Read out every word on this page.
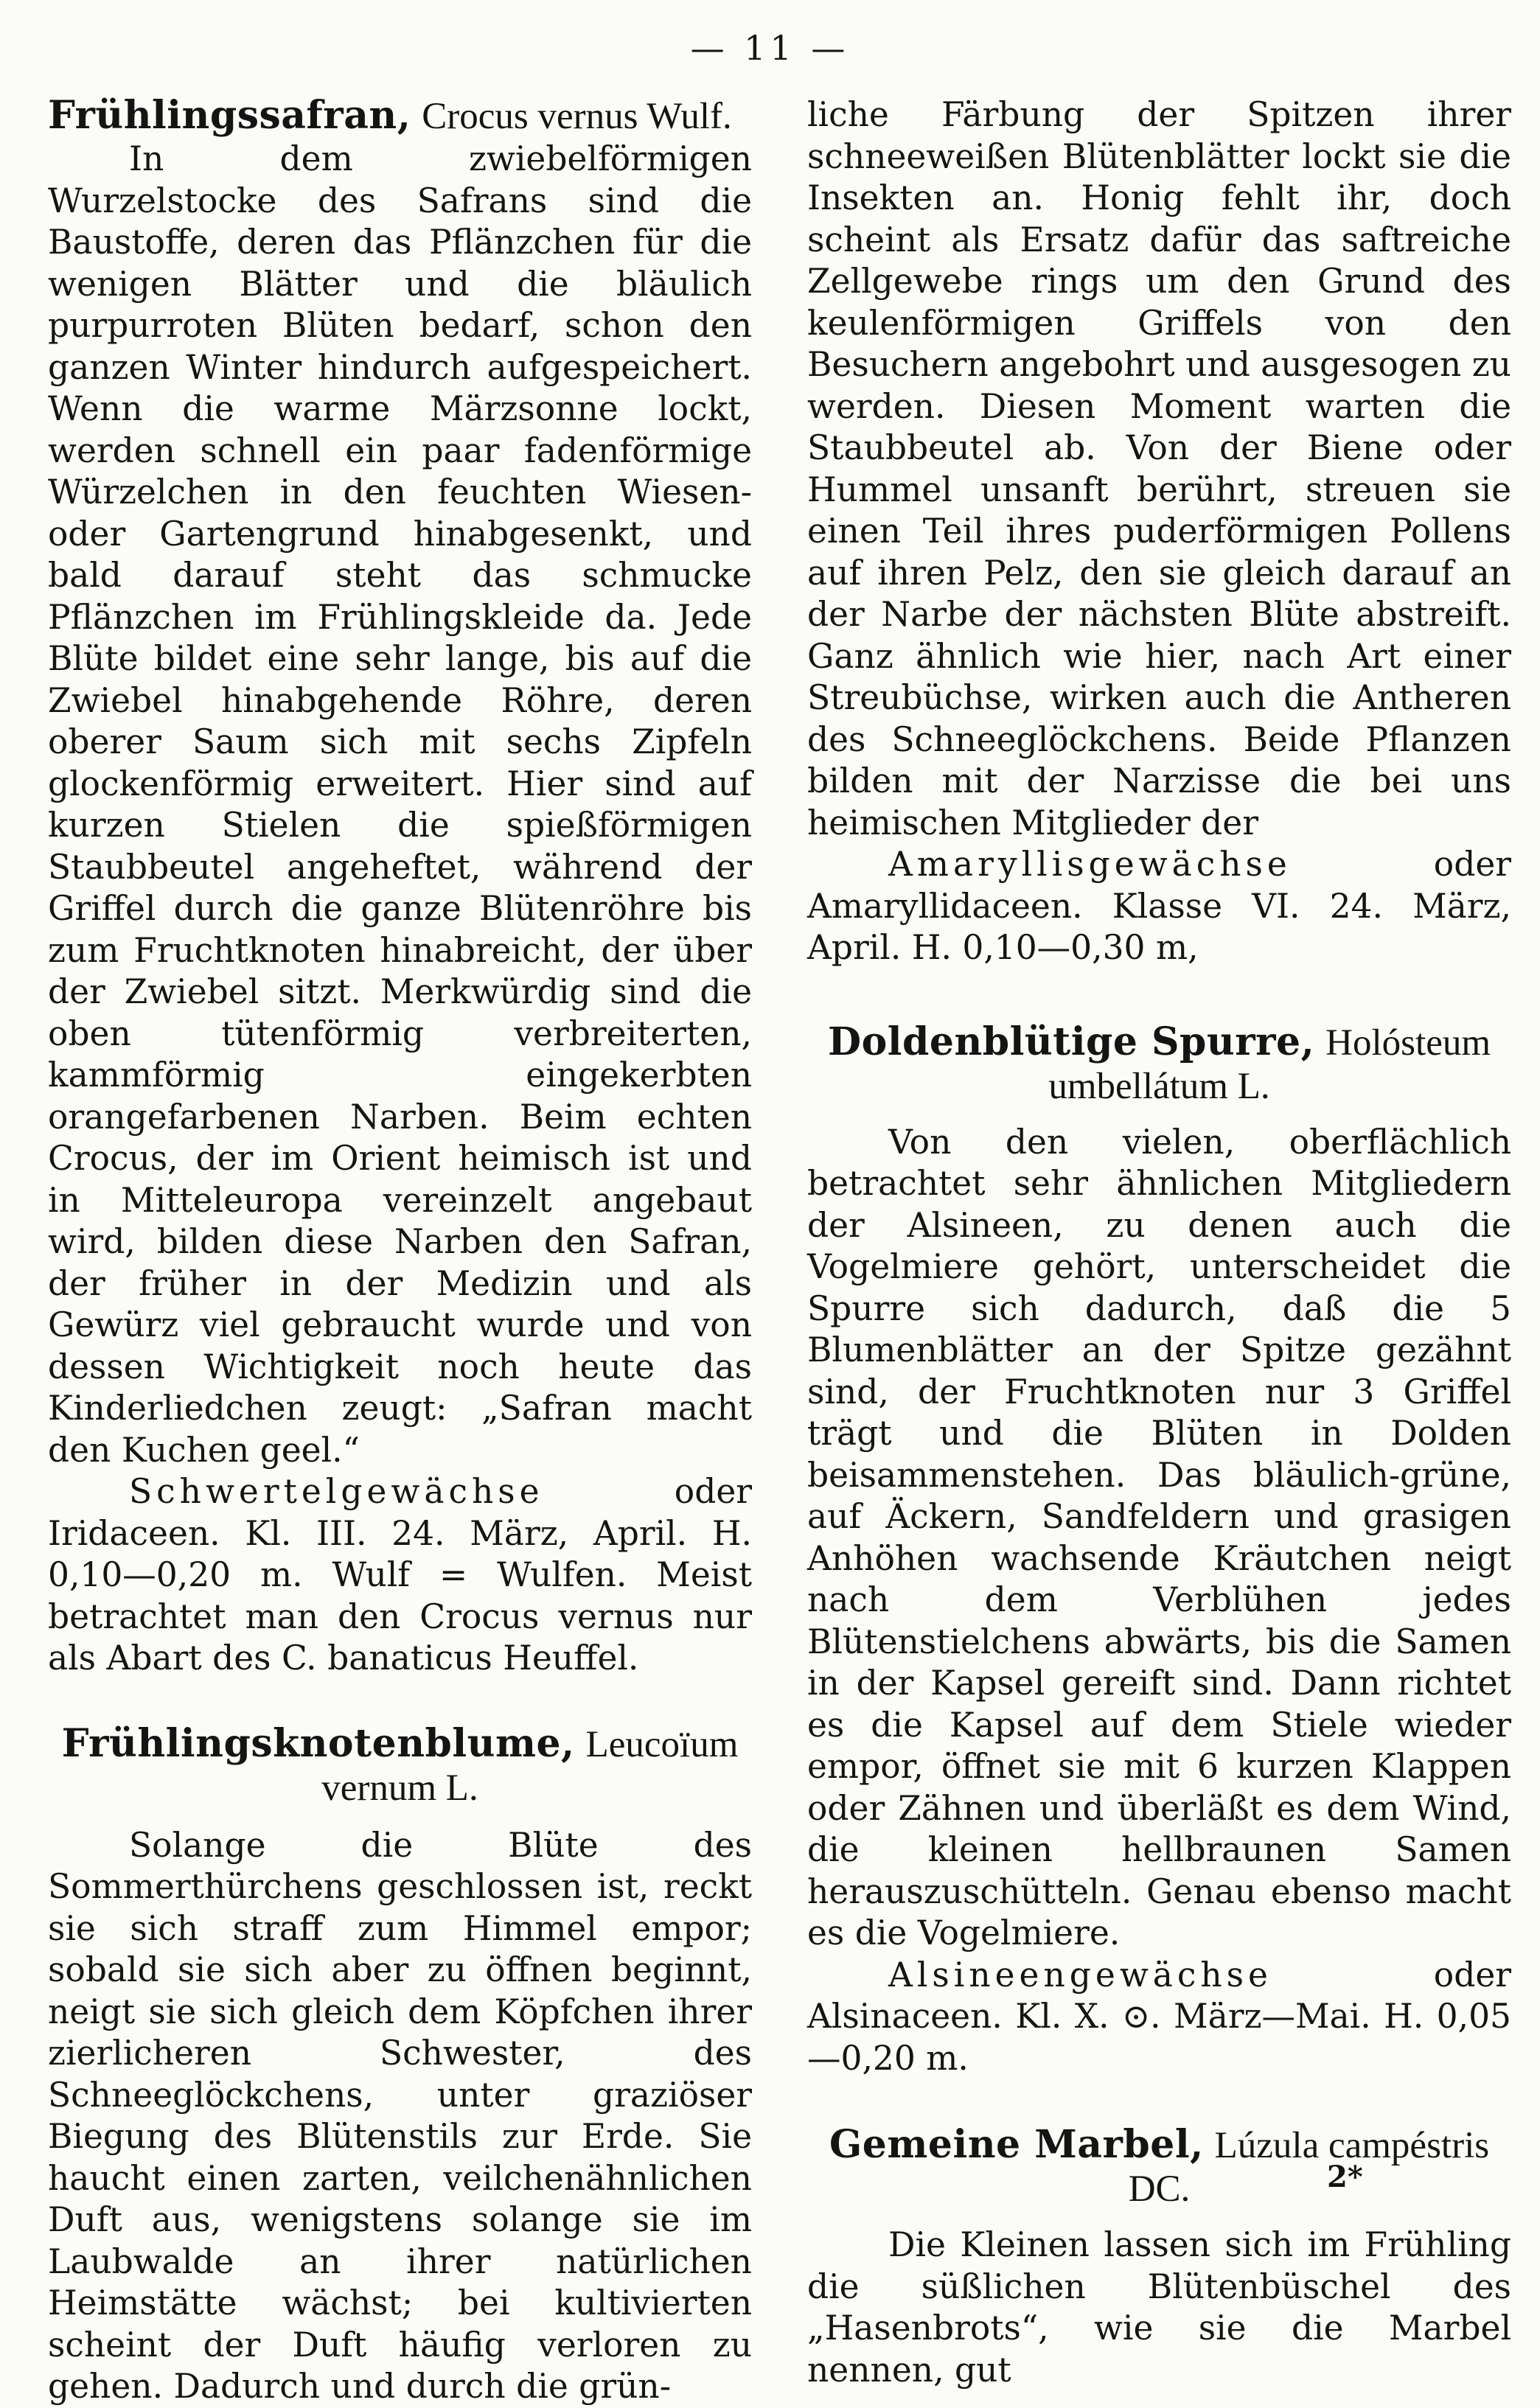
— 11 —

Frühlingssafran, Crocus vernus Wulf.

In dem zwiebelförmigen Wurzelstocke des Safrans sind die Baustoffe, deren das Pflänzchen für die wenigen Blätter und die bläulich purpurroten Blüten bedarf, schon den ganzen Winter hindurch aufgespeichert. Wenn die warme Märzsonne lockt, werden schnell ein paar fadenförmige Würzelchen in den feuchten Wiesen- oder Gartengrund hinabgesenkt, und bald darauf steht das schmucke Pflänzchen im Frühlingskleide da. Jede Blüte bildet eine sehr lange, bis auf die Zwiebel hinabgehende Röhre, deren oberer Saum sich mit sechs Zipfeln glockenförmig erweitert. Hier sind auf kurzen Stielen die spießförmigen Staubbeutel angeheftet, während der Griffel durch die ganze Blütenröhre bis zum Fruchtknoten hinabreicht, der über der Zwiebel sitzt. Merkwürdig sind die oben tütenförmig verbreiterten, kammförmig eingekerbten orangefarbenen Narben. Beim echten Crocus, der im Orient heimisch ist und in Mitteleuropa vereinzelt angebaut wird, bilden diese Narben den Safran, der früher in der Medizin und als Gewürz viel gebraucht wurde und von dessen Wichtigkeit noch heute das Kinderliedchen zeugt: „Safran macht den Kuchen geel.“

Schwertelgewächse	oder Iridaceen. Kl. III. 24. März, April. H. 0,10—0,20 m. Wulf = Wulfen. Meist betrachtet man den Crocus vernus nur als Abart des C. banaticus Heuffel.

Frühlingsknotenblume, Leucoïum vernum L.

Solange die Blüte des Sommerthürchens geschlossen ist, reckt sie sich straff zum Himmel empor; sobald sie sich aber zu öffnen beginnt, neigt sie sich gleich dem Köpfchen ihrer zierlicheren Schwester, des Schneeglöckchens, unter graziöser Biegung des Blütenstils zur Erde. Sie haucht einen zarten, veilchenähnlichen Duft aus, wenigstens solange sie im Laubwalde an ihrer natürlichen Heimstätte wächst; bei kultivierten scheint der Duft häufig verloren zu gehen. Dadurch und durch die grün-

liche Färbung der Spitzen ihrer schneeweißen Blütenblätter lockt sie die Insekten an. Honig fehlt ihr, doch scheint als Ersatz dafür das saftreiche Zellgewebe rings um den Grund des keulenförmigen Griffels von den Besuchern angebohrt und ausgesogen zu werden. Diesen Moment warten die Staubbeutel ab. Von der Biene oder Hummel unsanft berührt, streuen sie einen Teil ihres puderförmigen Pollens auf ihren Pelz, den sie gleich darauf an der Narbe der nächsten Blüte abstreift. Ganz ähnlich wie hier, nach Art einer Streubüchse, wirken auch die Antheren des Schneeglöckchens. Beide Pflanzen bilden mit der Narzisse die bei uns heimischen Mitglieder der

Amaryllisgewächse	oder Amaryllidaceen. Klasse VI. 24. März, April. H. 0,10—0,30 m,

Doldenblütige Spurre, Holósteum umbellátum L.

Von den vielen, oberflächlich betrachtet sehr ähnlichen Mitgliedern der Alsineen, zu denen auch die Vogelmiere gehört, unterscheidet die Spurre sich dadurch, daß die 5 Blumenblätter an der Spitze gezähnt sind, der Fruchtknoten nur 3 Griffel trägt und die Blüten in Dolden beisammenstehen. Das bläulich-grüne, auf Äckern, Sandfeldern und grasigen Anhöhen wachsende Kräutchen neigt nach dem Verblühen jedes Blütenstielchens abwärts, bis die Samen in der Kapsel gereift sind. Dann richtet es die Kapsel auf dem Stiele wieder empor, öffnet sie mit 6 kurzen Klappen oder Zähnen und überläßt es dem Wind, die kleinen hellbraunen Samen herauszuschütteln. Genau ebenso macht es die Vogelmiere.

Alsineengewächse	oder Alsinaceen. Kl. X. ⊙. März—Mai. H. 0,05—0,20 m.

Gemeine Marbel, Lúzula campéstris DC.

Die Kleinen lassen sich im Frühling die süßlichen Blütenbüschel des „Hasenbrots“, wie sie die Marbel nennen, gut

2*
